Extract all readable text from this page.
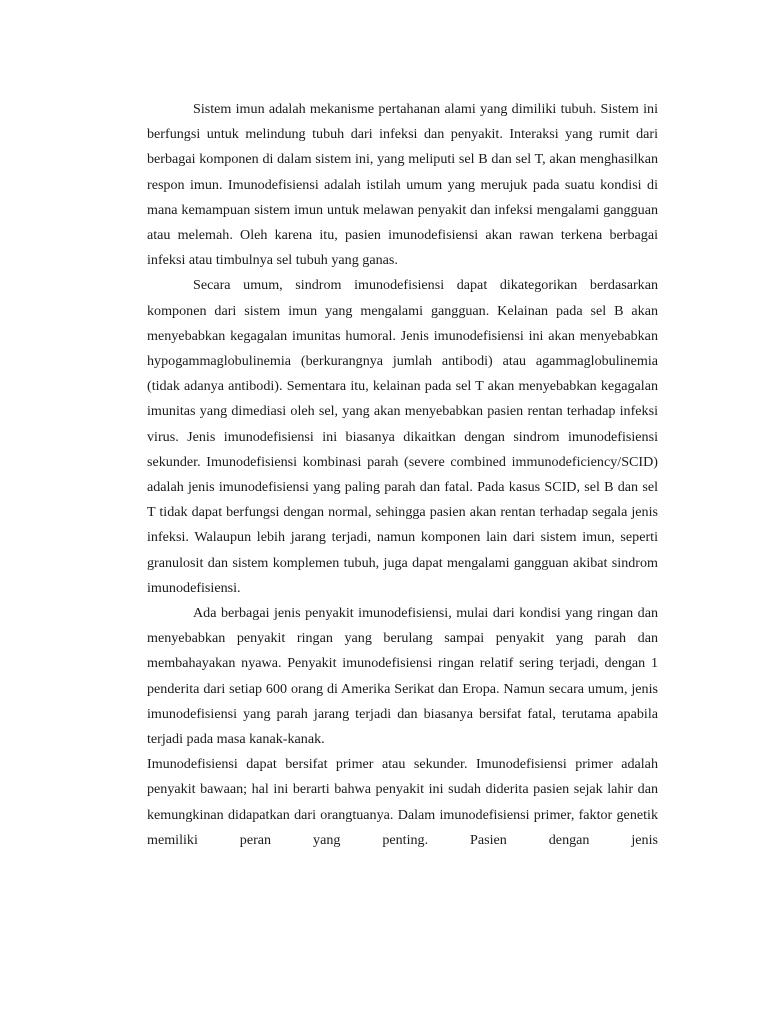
Sistem imun adalah mekanisme pertahanan alami yang dimiliki tubuh. Sistem ini berfungsi untuk melindung tubuh dari infeksi dan penyakit. Interaksi yang rumit dari berbagai komponen di dalam sistem ini, yang meliputi sel B dan sel T, akan menghasilkan respon imun. Imunodefisiensi adalah istilah umum yang merujuk pada suatu kondisi di mana kemampuan sistem imun untuk melawan penyakit dan infeksi mengalami gangguan atau melemah. Oleh karena itu, pasien imunodefisiensi akan rawan terkena berbagai infeksi atau timbulnya sel tubuh yang ganas.

Secara umum, sindrom imunodefisiensi dapat dikategorikan berdasarkan komponen dari sistem imun yang mengalami gangguan. Kelainan pada sel B akan menyebabkan kegagalan imunitas humoral. Jenis imunodefisiensi ini akan menyebabkan hypogammaglobulinemia (berkurangnya jumlah antibodi) atau agammaglobulinemia (tidak adanya antibodi). Sementara itu, kelainan pada sel T akan menyebabkan kegagalan imunitas yang dimediasi oleh sel, yang akan menyebabkan pasien rentan terhadap infeksi virus. Jenis imunodefisiensi ini biasanya dikaitkan dengan sindrom imunodefisiensi sekunder. Imunodefisiensi kombinasi parah (severe combined immunodeficiency/SCID) adalah jenis imunodefisiensi yang paling parah dan fatal. Pada kasus SCID, sel B dan sel T tidak dapat berfungsi dengan normal, sehingga pasien akan rentan terhadap segala jenis infeksi. Walaupun lebih jarang terjadi, namun komponen lain dari sistem imun, seperti granulosit dan sistem komplemen tubuh, juga dapat mengalami gangguan akibat sindrom imunodefisiensi.

Ada berbagai jenis penyakit imunodefisiensi, mulai dari kondisi yang ringan dan menyebabkan penyakit ringan yang berulang sampai penyakit yang parah dan membahayakan nyawa. Penyakit imunodefisiensi ringan relatif sering terjadi, dengan 1 penderita dari setiap 600 orang di Amerika Serikat dan Eropa. Namun secara umum, jenis imunodefisiensi yang parah jarang terjadi dan biasanya bersifat fatal, terutama apabila terjadi pada masa kanak-kanak.

Imunodefisiensi dapat bersifat primer atau sekunder. Imunodefisiensi primer adalah penyakit bawaan; hal ini berarti bahwa penyakit ini sudah diderita pasien sejak lahir dan kemungkinan didapatkan dari orangtuanya. Dalam imunodefisiensi primer, faktor genetik memiliki peran yang penting. Pasien dengan jenis
